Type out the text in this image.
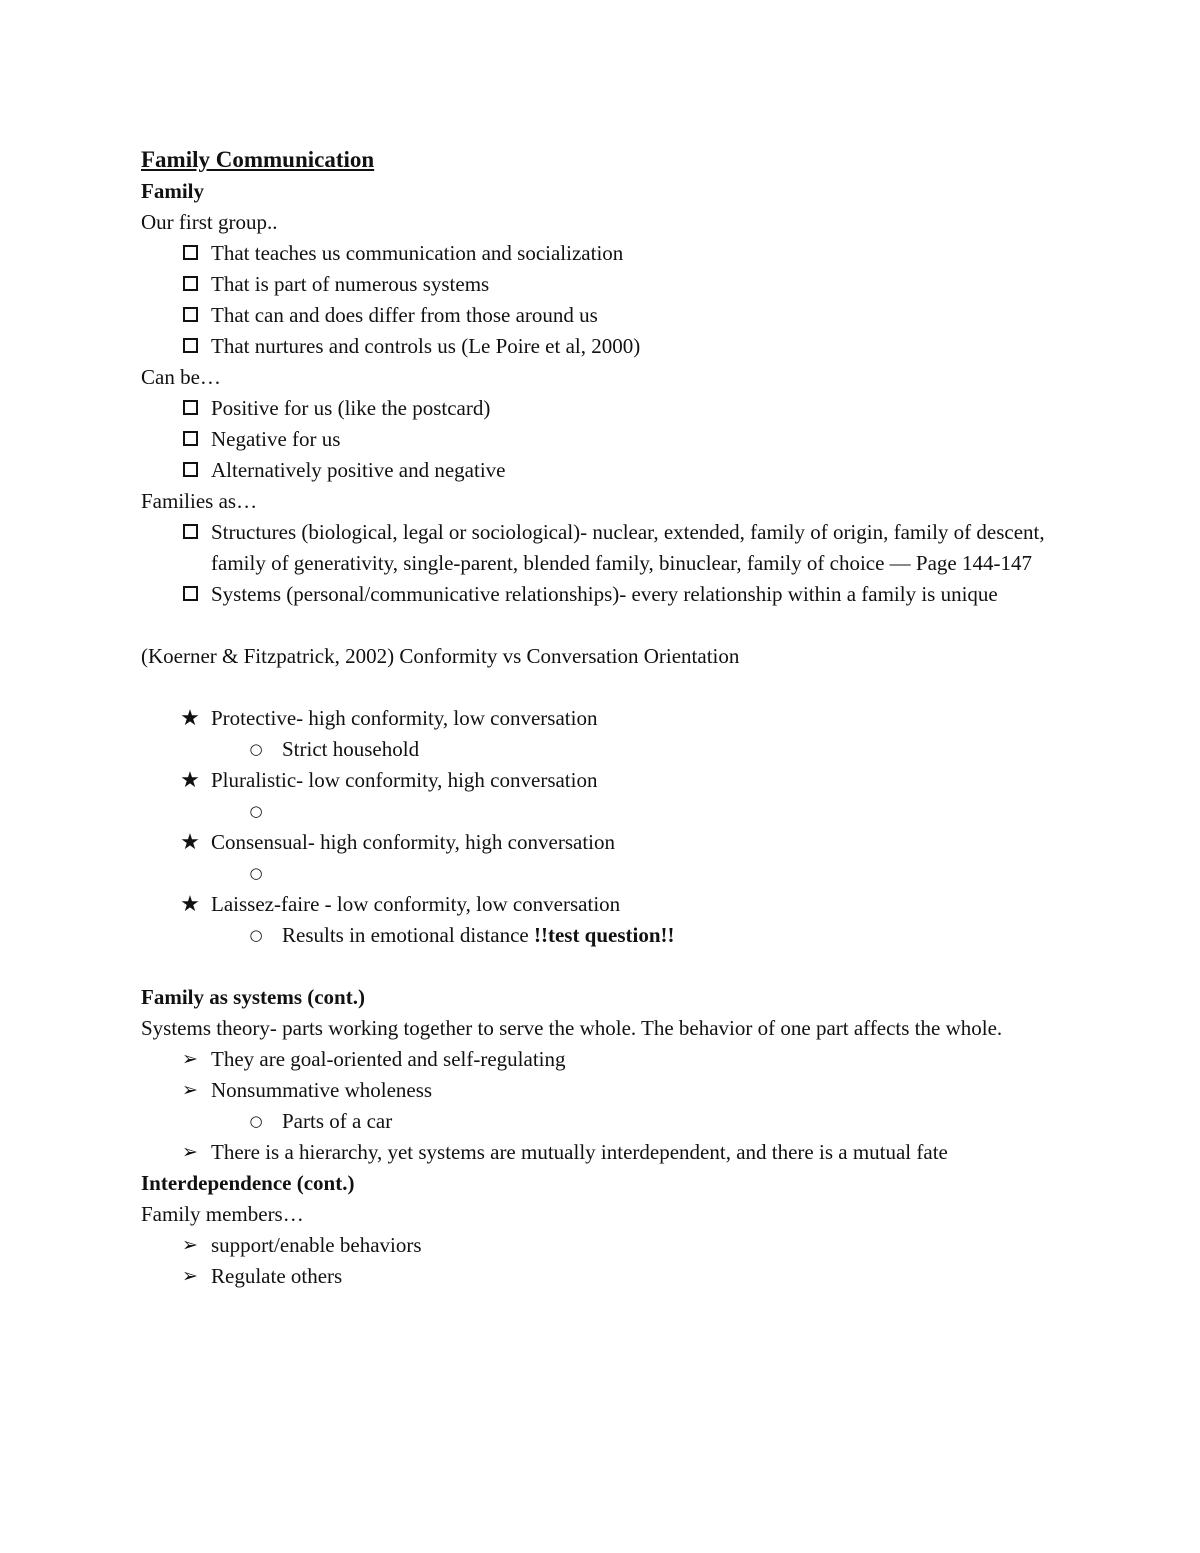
Family Communication

Family

Our first group..

That teaches us communication and socialization
That is part of numerous systems
That can and does differ from those around us
That nurtures and controls us (Le Poire et al, 2000)

Can be…

Positive for us (like the postcard)
Negative for us
Alternatively positive and negative

Families as…

Structures (biological, legal or sociological)- nuclear, extended, family of origin, family of descent, family of generativity, single-parent, blended family, binuclear, family of choice — Page 144-147
Systems (personal/communicative relationships)- every relationship within a family is unique

(Koerner & Fitzpatrick, 2002) Conformity vs Conversation Orientation

★ Protective- high conformity, low conversation
○ Strict household
★ Pluralistic- low conformity, high conversation
○

★ Consensual- high conformity, high conversation
○

★ Laissez-faire - low conformity, low conversation
○ Results in emotional distance !!test question!!

Family as systems (cont.)

Systems theory- parts working together to serve the whole. The behavior of one part affects the whole.

➢ They are goal-oriented and self-regulating
➢ Nonsummative wholeness
○ Parts of a car
➢ There is a hierarchy, yet systems are mutually interdependent, and there is a mutual fate

Interdependence (cont.)

Family members…

➢ support/enable behaviors
➢ Regulate others
